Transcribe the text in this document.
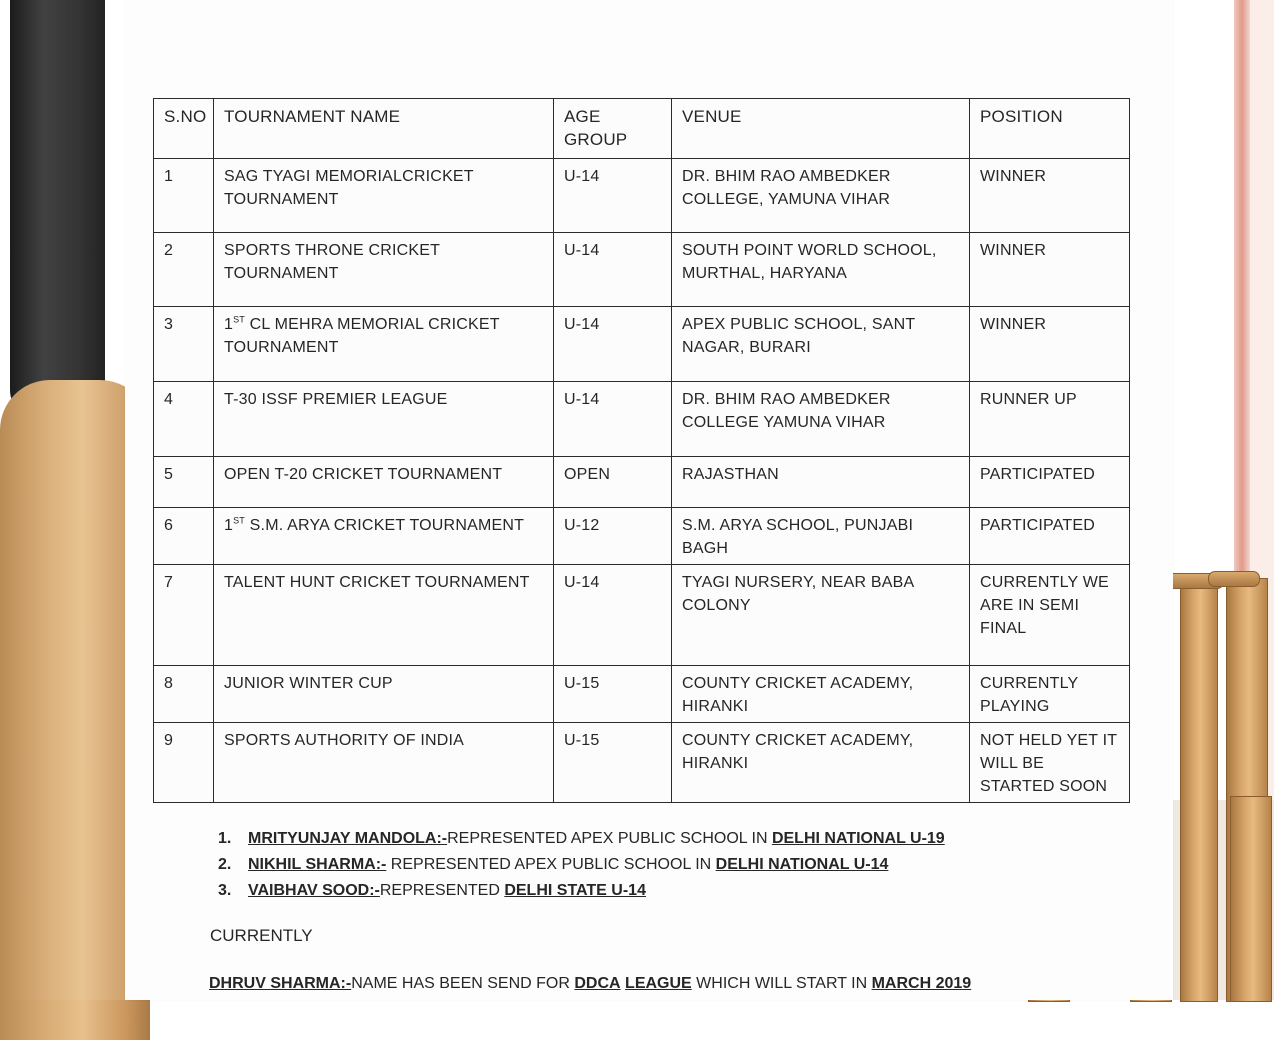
S.NO	TOURNAMENT NAME	AGE GROUP	VENUE	POSITION
1	SAG TYAGI MEMORIALCRICKET TOURNAMENT	U-14	DR. BHIM RAO AMBEDKER COLLEGE, YAMUNA VIHAR	WINNER
2	SPORTS THRONE CRICKET TOURNAMENT	U-14	SOUTH POINT WORLD SCHOOL, MURTHAL, HARYANA	WINNER
3	1ST CL MEHRA MEMORIAL CRICKET TOURNAMENT	U-14	APEX PUBLIC SCHOOL, SANT NAGAR, BURARI	WINNER
4	T-30 ISSF PREMIER LEAGUE	U-14	DR. BHIM RAO AMBEDKER COLLEGE YAMUNA VIHAR	RUNNER UP
5	OPEN T-20 CRICKET TOURNAMENT	OPEN	RAJASTHAN	PARTICIPATED
6	1ST S.M. ARYA CRICKET TOURNAMENT	U-12	S.M. ARYA SCHOOL, PUNJABI BAGH	PARTICIPATED
7	TALENT HUNT CRICKET TOURNAMENT	U-14	TYAGI NURSERY, NEAR BABA COLONY	CURRENTLY WE ARE IN SEMI FINAL
8	JUNIOR WINTER CUP	U-15	COUNTY CRICKET ACADEMY, HIRANKI	CURRENTLY PLAYING
9	SPORTS AUTHORITY OF INDIA	U-15	COUNTY CRICKET ACADEMY, HIRANKI	NOT HELD YET IT WILL BE STARTED SOON
1. MRITYUNJAY MANDOLA:-REPRESENTED APEX PUBLIC SCHOOL IN DELHI NATIONAL U-19
2. NIKHIL SHARMA:- REPRESENTED APEX PUBLIC SCHOOL IN DELHI NATIONAL U-14
3. VAIBHAV SOOD:-REPRESENTED DELHI STATE U-14
CURRENTLY
DHRUV SHARMA:-NAME HAS BEEN SEND FOR DDCA LEAGUE WHICH WILL START IN MARCH 2019
